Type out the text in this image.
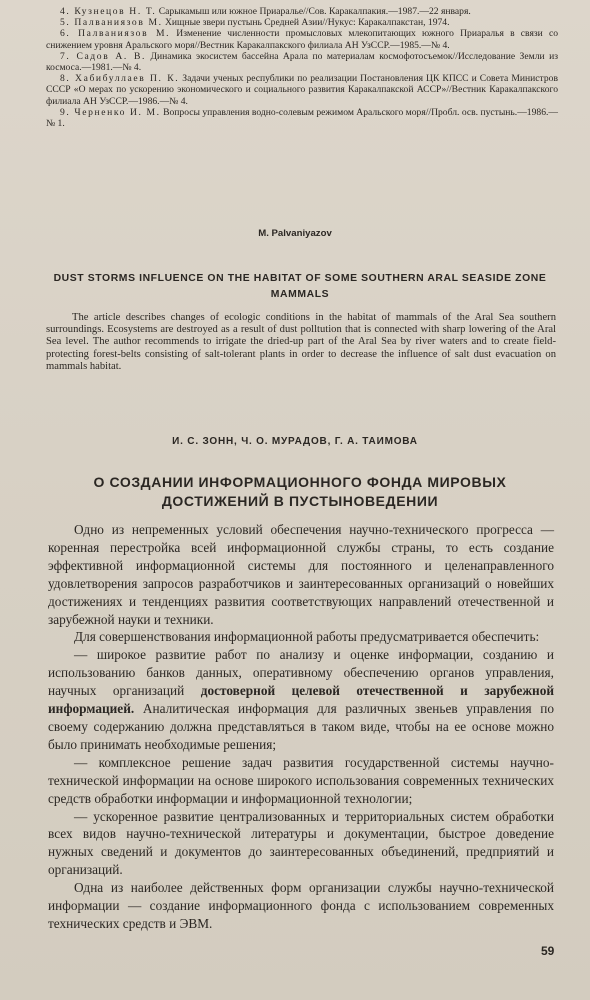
4. Кузнецов Н. Т. Сарыкамыш или южное Приаралье//Сов. Каракалпакия.—1987.—22 января.

5. Палваниязов М. Хищные звери пустынь Средней Азии//Нукус: Каракалпакстан, 1974.

6. Палваниязов М. Изменение численности промысловых млекопитающих южного Приаралья в связи со снижением уровня Аральского моря//Вестник Каракалпакского филиала АН УзССР.—1985.—№ 4.

7. Садов А. В. Динамика экосистем бассейна Арала по материалам космофотосъемок//Исследование Земли из космоса.—1981.—№ 4.

8. Хабибуллаев П. К. Задачи ученых республики по реализации Постановления ЦК КПСС и Совета Министров СССР «О мерах по ускорению экономического и социального развития Каракалпакской АССР»//Вестник Каракалпакского филиала АН УзССР.—1986.—№ 4.

9. Черненко И. М. Вопросы управления водно-солевым режимом Аральского моря//Пробл. осв. пустынь.—1986.—№ 1.

M. Palvaniyazov
DUST STORMS INFLUENCE ON THE HABITAT OF SOME SOUTHERN ARAL SEASIDE ZONE MAMMALS

The article describes changes of ecologic conditions in the habitat of mammals of the Aral Sea southern surroundings. Ecosystems are destroyed as a result of dust polltution that is connected with sharp lowering of the Aral Sea level. The author recommends to irrigate the dried-up part of the Aral Sea by river waters and to create field-protecting forest-belts consisting of salt-tolerant plants in order to decrease the influence of salt dust evacuation on mammals habitat.

И. С. ЗОНН, Ч. О. МУРАДОВ, Г. А. ТАИМОВА
О СОЗДАНИИ ИНФОРМАЦИОННОГО ФОНДА МИРОВЫХ ДОСТИЖЕНИЙ В ПУСТЫНОВЕДЕНИИ

Одно из непременных условий обеспечения научно-технического прогресса — коренная перестройка всей информационной службы страны, то есть создание эффективной информационной системы для постоянного и целенаправленного удовлетворения запросов разработчиков и заинтересованных организаций о новейших достижениях и тенденциях развития соответствующих направлений отечественной и зарубежной науки и техники.

Для совершенствования информационной работы предусматривается обеспечить:

— широкое развитие работ по анализу и оценке информации, созданию и использованию банков данных, оперативному обеспечению органов управления, научных организаций достоверной целевой отечественной и зарубежной информацией. Аналитическая информация для различных звеньев управления по своему содержанию должна представляться в таком виде, чтобы на ее основе можно было принимать необходимые решения;

— комплексное решение задач развития государственной системы научно-технической информации на основе широкого использования современных технических средств обработки информации и информационной технологии;

— ускоренное развитие централизованных и территориальных систем обработки всех видов научно-технической литературы и документации, быстрое доведение нужных сведений и документов до заинтересованных объединений, предприятий и организаций.

Одна из наиболее действенных форм организации службы научно-технической информации — создание информационного фонда с использованием современных технических средств и ЭВМ.

59
